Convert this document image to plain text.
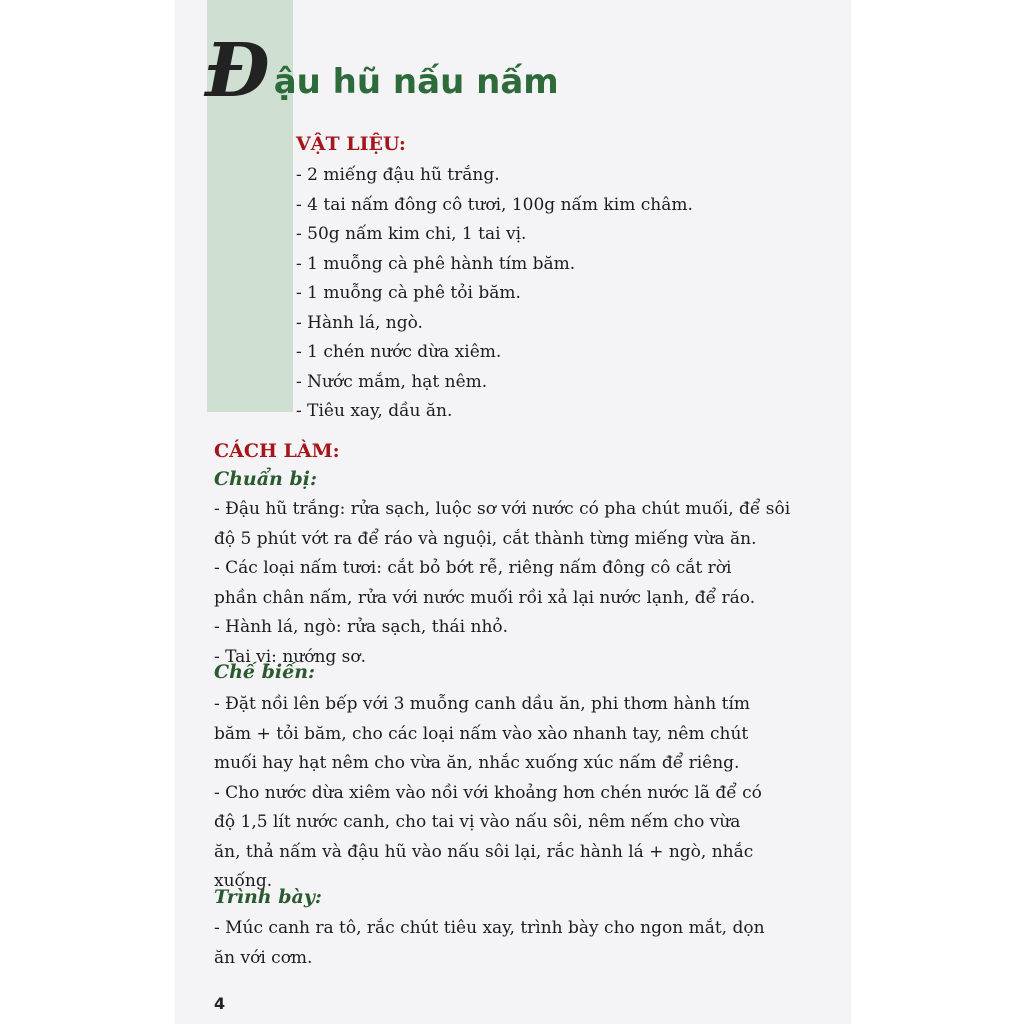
Đ ậu hũ nấu nấm
VẬT LIỆU:
- 2 miếng đậu hũ trắng.
- 4 tai nấm đông cô tươi, 100g nấm kim châm.
- 50g nấm kim chi, 1 tai vị.
- 1 muỗng cà phê hành tím băm.
- 1 muỗng cà phê tỏi băm.
- Hành lá, ngò.
- 1 chén nước dừa xiêm.
- Nước mắm, hạt nêm.
- Tiêu xay, dầu ăn.
CÁCH LÀM:
Chuẩn bị:

- Đậu hũ trắng: rửa sạch, luộc sơ với nước có pha chút muối, để sôi
độ 5 phút vớt ra để ráo và nguội, cắt thành từng miếng vừa ăn.
- Các loại nấm tươi: cắt bỏ bớt rễ, riêng nấm đông cô cắt rời
phần chân nấm, rửa với nước muối rồi xả lại nước lạnh, để ráo.
- Hành lá, ngò: rửa sạch, thái nhỏ.
- Tai vị: nướng sơ.

Chế biến:

- Đặt nồi lên bếp với 3 muỗng canh dầu ăn, phi thơm hành tím
băm + tỏi băm, cho các loại nấm vào xào nhanh tay, nêm chút
muối hay hạt nêm cho vừa ăn, nhắc xuống xúc nấm để riêng.
- Cho nước dừa xiêm vào nồi với khoảng hơn chén nước lã để có
độ 1,5 lít nước canh, cho tai vị vào nấu sôi, nêm nếm cho vừa
ăn, thả nấm và đậu hũ vào nấu sôi lại, rắc hành lá + ngò, nhắc
xuống.

Trình bày:

- Múc canh ra tô, rắc chút tiêu xay, trình bày cho ngon mắt, dọn
ăn với cơm.

4
